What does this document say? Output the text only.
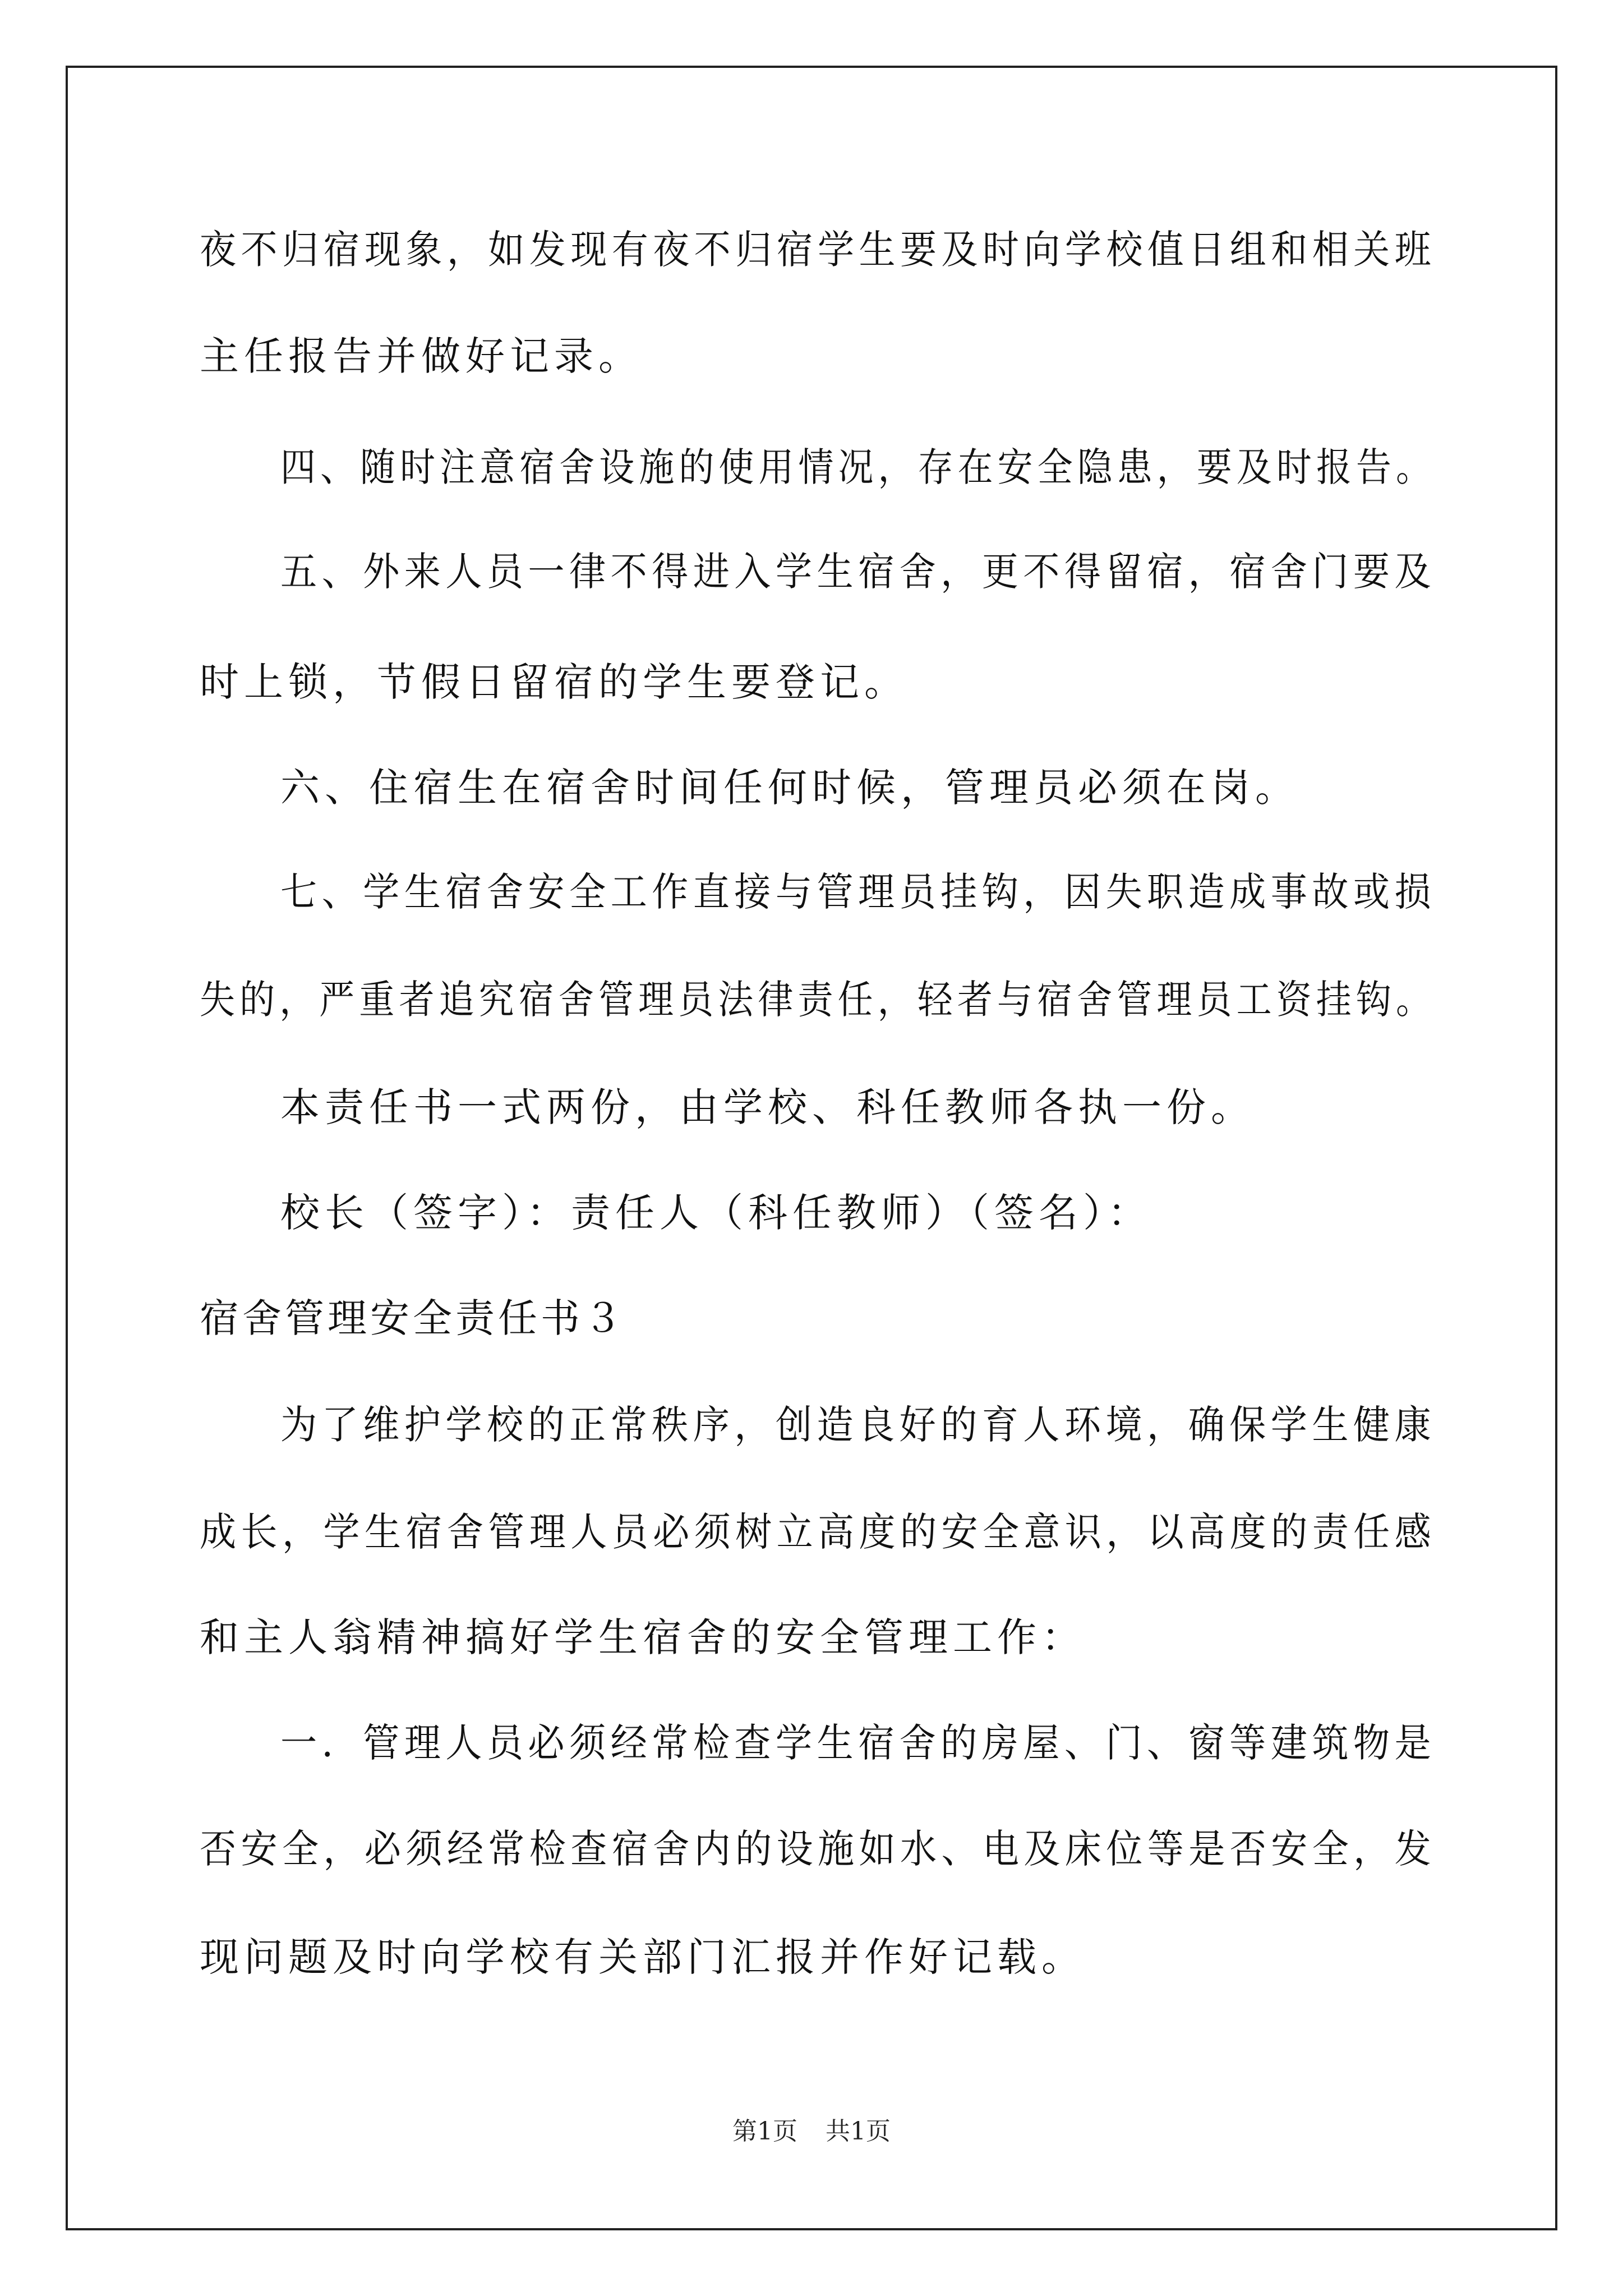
夜不归宿现象，如发现有夜不归宿学生要及时向学校值日组和相关班
主任报告并做好记录。
四、随时注意宿舍设施的使用情况，存在安全隐患，要及时报告。
五、外来人员一律不得进入学生宿舍，更不得留宿，宿舍门要及
时上锁，节假日留宿的学生要登记。
六、住宿生在宿舍时间任何时候，管理员必须在岗。
七、学生宿舍安全工作直接与管理员挂钩，因失职造成事故或损
失的，严重者追究宿舍管理员法律责任，轻者与宿舍管理员工资挂钩。
本责任书一式两份，由学校、科任教师各执一份。
校长（签字）：责任人（科任教师）（签名）：
宿舍管理安全责任书３
为了维护学校的正常秩序，创造良好的育人环境，确保学生健康
成长，学生宿舍管理人员必须树立高度的安全意识，以高度的责任感
和主人翁精神搞好学生宿舍的安全管理工作：
一．管理人员必须经常检查学生宿舍的房屋、门、窗等建筑物是
否安全，必须经常检查宿舍内的设施如水、电及床位等是否安全，发
现问题及时向学校有关部门汇报并作好记载。
第1页 共1页
